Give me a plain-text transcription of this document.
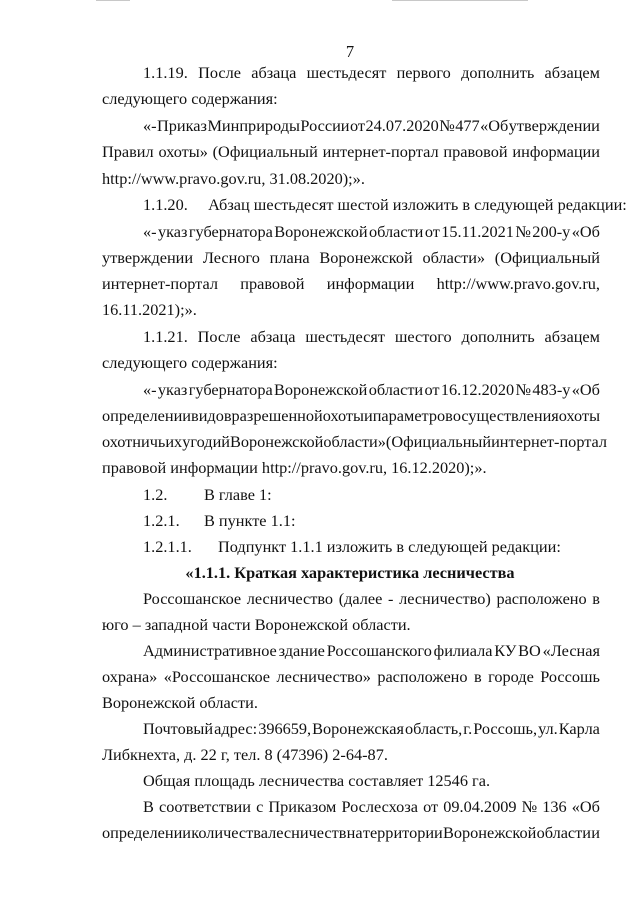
7
1.1.19. После абзаца шестьдесят первого дополнить абзацем
следующего содержания:
«- Приказ Минприроды России от 24.07.2020 № 477 «Об утверждении
Правил охоты» (Официальный интернет-портал правовой информации
http://www.pravo.gov.ru, 31.08.2020);».
1.1.20.     Абзац шестьдесят шестой изложить в следующей редакции:
«- указ губернатора Воронежской области от 15.11.2021 № 200-у «Об
утверждении Лесного плана Воронежской области» (Официальный
интернет-портал правовой информации http://www.pravo.gov.ru,
16.11.2021);».
1.1.21. После абзаца шестьдесят шестого дополнить абзацем
следующего содержания:
«- указ губернатора Воронежской области от 16.12.2020 № 483-у «Об
определении видов разрешенной охоты и параметров осуществления охоты
охотничьих угодий Воронежской области» (Официальный интернет-портал
правовой информации http://pravo.gov.ru, 16.12.2020);».
1.2. В главе 1:
1.2.1. В пункте 1.1:
1.2.1.1. Подпункт 1.1.1 изложить в следующей редакции:
«1.1.1. Краткая характеристика лесничества
Россошанское лесничество (далее - лесничество) расположено в
юго – западной части Воронежской области.
Административное здание Россошанского филиала КУ ВО «Лесная
охрана» «Россошанское лесничество» расположено в городе Россошь
Воронежской области.
Почтовый адрес: 396659, Воронежская область, г. Россошь, ул. Карла
Либкнехта, д. 22 г, тел. 8 (47396) 2-64-87.
Общая площадь лесничества составляет 12546 га.
В соответствии с Приказом Рослесхоза от 09.04.2009 № 136 «Об
определении количества лесничеств на территории Воронежской области и
